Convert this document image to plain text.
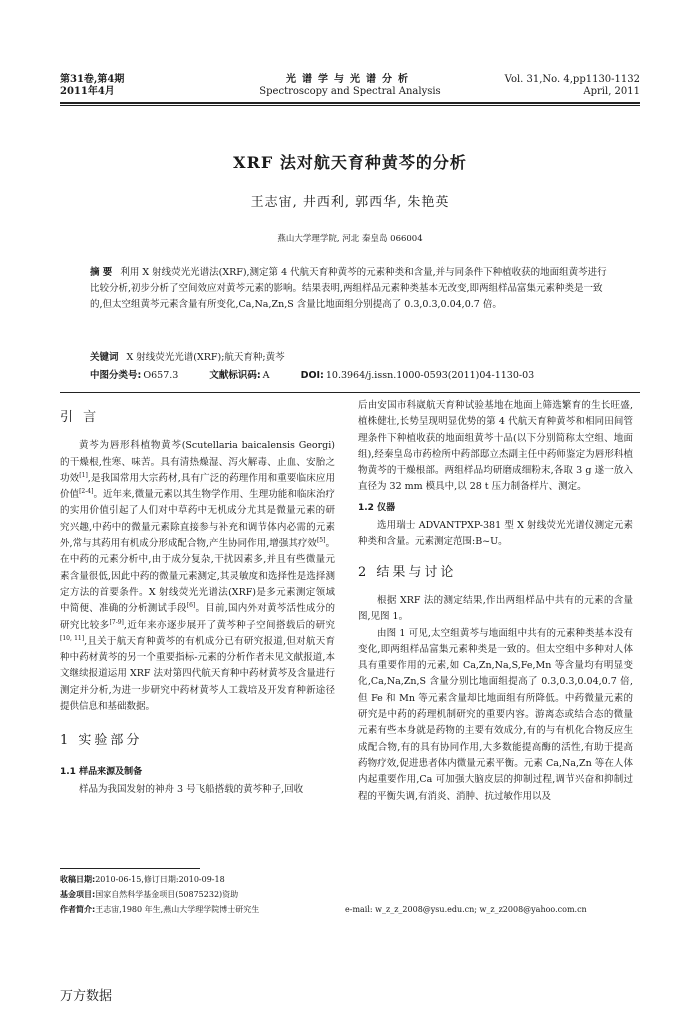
第31卷,第4期
2011年4月
光谱学与光谱分析
Spectroscopy and Spectral Analysis
Vol. 31,No. 4,pp1130-1132
April, 2011
XRF 法对航天育种黄芩的分析
王志宙, 井西利, 郭西华, 朱艳英
燕山大学理学院, 河北 秦皇岛 066004
摘 要 利用 X 射线荧光光谱法(XRF),测定第 4 代航天育种黄芩的元素种类和含量,并与同条件下种植收获的地面组黄芩进行比较分析,初步分析了空间效应对黄芩元素的影响。结果表明,两组样品元素种类基本无改变,即两组样品富集元素种类是一致的,但太空组黄芩元素含量有所变化,Ca,Na,Zn,S 含量比地面组分别提高了 0.3,0.3,0.04,0.7 倍。
关键词 X 射线荧光光谱(XRF);航天育种;黄芩
中图分类号: O657.3	文献标识码: A	DOI: 10.3964/j.issn.1000-0593(2011)04-1130-03
引 言

黄芩为唇形科植物黄芩(Scutellaria baicalensis Georgi)的干燥根,性寒、味苦。具有清热燥湿、泻火解毒、止血、安胎之功效[1],是我国常用大宗药材,具有广泛的药理作用和重要临床应用价值[2-4]。近年来,微量元素以其生物学作用、生理功能和临床治疗的实用价值引起了人们对中草药中无机成分尤其是微量元素的研究兴趣,中药中的微量元素除直接参与补充和调节体内必需的元素外,常与其药用有机成分形成配合物,产生协同作用,增强其疗效[5]。在中药的元素分析中,由于成分复杂,干扰因素多,并且有些微量元素含量很低,因此中药的微量元素测定,其灵敏度和选择性是选择测定方法的首要条件。X 射线荧光光谱法(XRF)是多元素测定领域中简便、准确的分析测试手段[6]。目前,国内外对黄芩活性成分的研究比较多[7-9],近年来亦逐步展开了黄芩种子空间搭载后的研究[10, 11],且关于航天育种黄芩的有机成分已有研究报道,但对航天育种中药材黄芩的另一个重要指标-元素的分析作者未见文献报道,本文继续报道运用 XRF 法对第四代航天育种中药材黄芩及含量进行测定并分析,为进一步研究中药材黄芩人工栽培及开发育种新途径提供信息和基础数据。

1 实验部分
1.1 样品来源及制备

样品为我国发射的神舟 3 号飞船搭载的黄芩种子,回收

后由安国市科崴航天育种试验基地在地面上筛选繁育的生长旺盛,植株健壮,长势呈现明显优势的第 4 代航天育种黄芩和相同田间管理条件下种植收获的地面组黄芩十品(以下分别简称太空组、地面组),经秦皇岛市药检所中药部邸立杰副主任中药师鉴定为唇形科植物黄芩的干燥根部。两组样品均研磨成细粉末,各取 3 g 遂一放入直径为 32 mm 模具中,以 28 t 压力制备样片、测定。

1.2 仪器

选用瑞士 ADVANTPXP-381 型 X 射线荧光光谱仪测定元素种类和含量。元素测定范围:B~U。

2 结果与讨论

根据 XRF 法的测定结果,作出两组样品中共有的元素的含量图,见图 1。

由图 1 可见,太空组黄芩与地面组中共有的元素种类基本没有变化,即两组样品富集元素种类是一致的。但太空组中多种对人体具有重要作用的元素,如 Ca,Zn,Na,S,Fe,Mn 等含量均有明显变化,Ca,Na,Zn,S 含量分别比地面组提高了 0.3,0.3,0.04,0.7 倍,但 Fe 和 Mn 等元素含量却比地面组有所降低。中药微量元素的研究是中药的药理机制研究的重要内容。游离态或结合态的微量元素有些本身就是药物的主要有效成分,有的与有机化合物反应生成配合物,有的具有协同作用,大多数能提高酶的活性,有助于提高药物疗效,促进患者体内微量元素平衡。元素 Ca,Na,Zn 等在人体内起重要作用,Ca 可加强大脑皮层的抑制过程,调节兴奋和抑制过程的平衡失调,有消炎、消肿、抗过敏作用以及

收稿日期:2010-06-15,修订日期:2010-09-18
基金项目:国家自然科学基金项目(50875232)资助
作者简介:王志宙,1980 年生,燕山大学理学院博士研究生	e-mail: w_z_z_2008@ysu.edu.cn; w_z_z2008@yahoo.com.cn
万方数据
